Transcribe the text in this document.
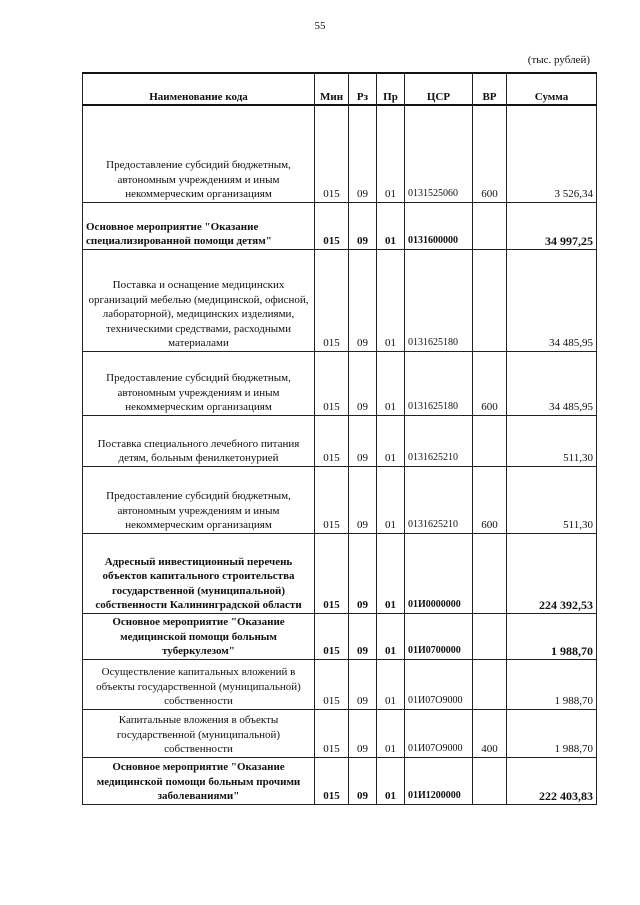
55
(тыс. рублей)
Наименование кода	Мин	Рз	Пр	ЦСР	ВР	Сумма
Предоставление субсидий бюджетным, автономным учреждениям и иным некоммерческим организациям	015	09	01	0131525060	600	3 526,34
Основное мероприятие "Оказание специализированной помощи детям"	015	09	01	0131600000		34 997,25
Поставка и оснащение медицинских организаций мебелью (медицинской, офисной, лабораторной), медицинских изделиями, техническими средствами, расходными материалами	015	09	01	0131625180		34 485,95
Предоставление субсидий бюджетным, автономным учреждениям и иным некоммерческим организациям	015	09	01	0131625180	600	34 485,95
Поставка специального лечебного питания детям, больным фенилкетонурией	015	09	01	0131625210		511,30
Предоставление субсидий бюджетным, автономным учреждениям и иным некоммерческим организациям	015	09	01	0131625210	600	511,30
Адресный инвестиционный перечень объектов капитального строительства государственной (муниципальной) собственности Калининградской области	015	09	01	01И0000000		224 392,53
Основное мероприятие "Оказание медицинской помощи больным туберкулезом"	015	09	01	01И0700000		1 988,70
Осуществление капитальных вложений в объекты государственной (муниципальной) собственности	015	09	01	01И07О9000		1 988,70
Капитальные вложения в объекты государственной (муниципальной) собственности	015	09	01	01И07О9000	400	1 988,70
Основное мероприятие "Оказание медицинской помощи больным прочими заболеваниями"	015	09	01	01И1200000		222 403,83
